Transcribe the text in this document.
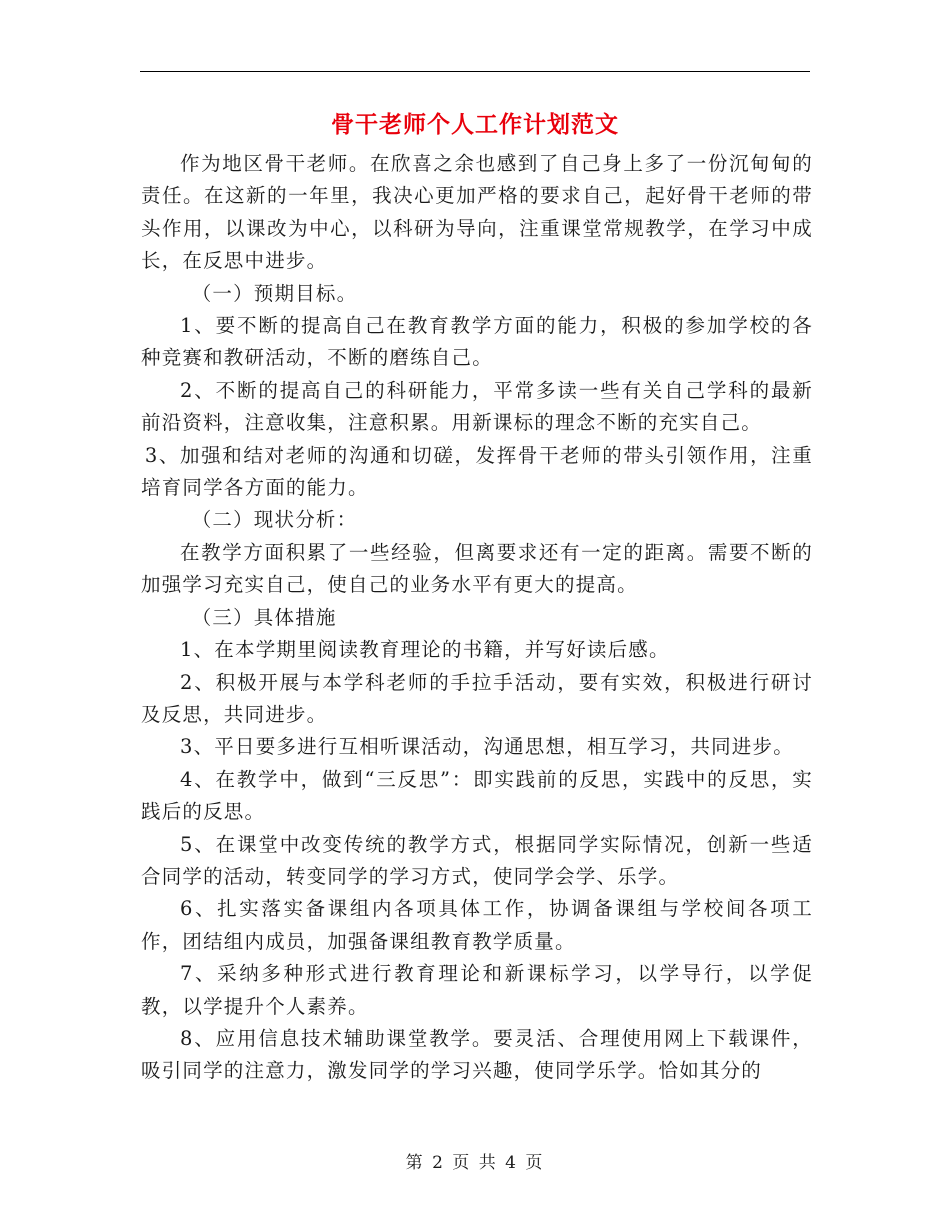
骨干老师个人工作计划范文

作为地区骨干老师。在欣喜之余也感到了自己身上多了一份沉甸甸的责任。在这新的一年里，我决心更加严格的要求自己，起好骨干老师的带头作用，以课改为中心，以科研为导向，注重课堂常规教学，在学习中成长，在反思中进步。

（一）预期目标。

1、要不断的提高自己在教育教学方面的能力，积极的参加学校的各种竞赛和教研活动，不断的磨练自己。

2、不断的提高自己的科研能力，平常多读一些有关自己学科的最新前沿资料，注意收集，注意积累。用新课标的理念不断的充实自己。

3、加强和结对老师的沟通和切磋，发挥骨干老师的带头引领作用，注重培育同学各方面的能力。

（二）现状分析：

在教学方面积累了一些经验，但离要求还有一定的距离。需要不断的加强学习充实自己，使自己的业务水平有更大的提高。

（三）具体措施

1、在本学期里阅读教育理论的书籍，并写好读后感。

2、积极开展与本学科老师的手拉手活动，要有实效，积极进行研讨及反思，共同进步。

3、平日要多进行互相听课活动，沟通思想，相互学习，共同进步。

4、在教学中，做到“三反思”：即实践前的反思，实践中的反思，实践后的反思。

5、在课堂中改变传统的教学方式，根据同学实际情况，创新一些适合同学的活动，转变同学的学习方式，使同学会学、乐学。

6、扎实落实备课组内各项具体工作，协调备课组与学校间各项工作，团结组内成员，加强备课组教育教学质量。

7、采纳多种形式进行教育理论和新课标学习，以学导行，以学促教，以学提升个人素养。

8、应用信息技术辅助课堂教学。要灵活、合理使用网上下载课件，吸引同学的注意力，激发同学的学习兴趣，使同学乐学。恰如其分的

第 2 页 共 4 页
